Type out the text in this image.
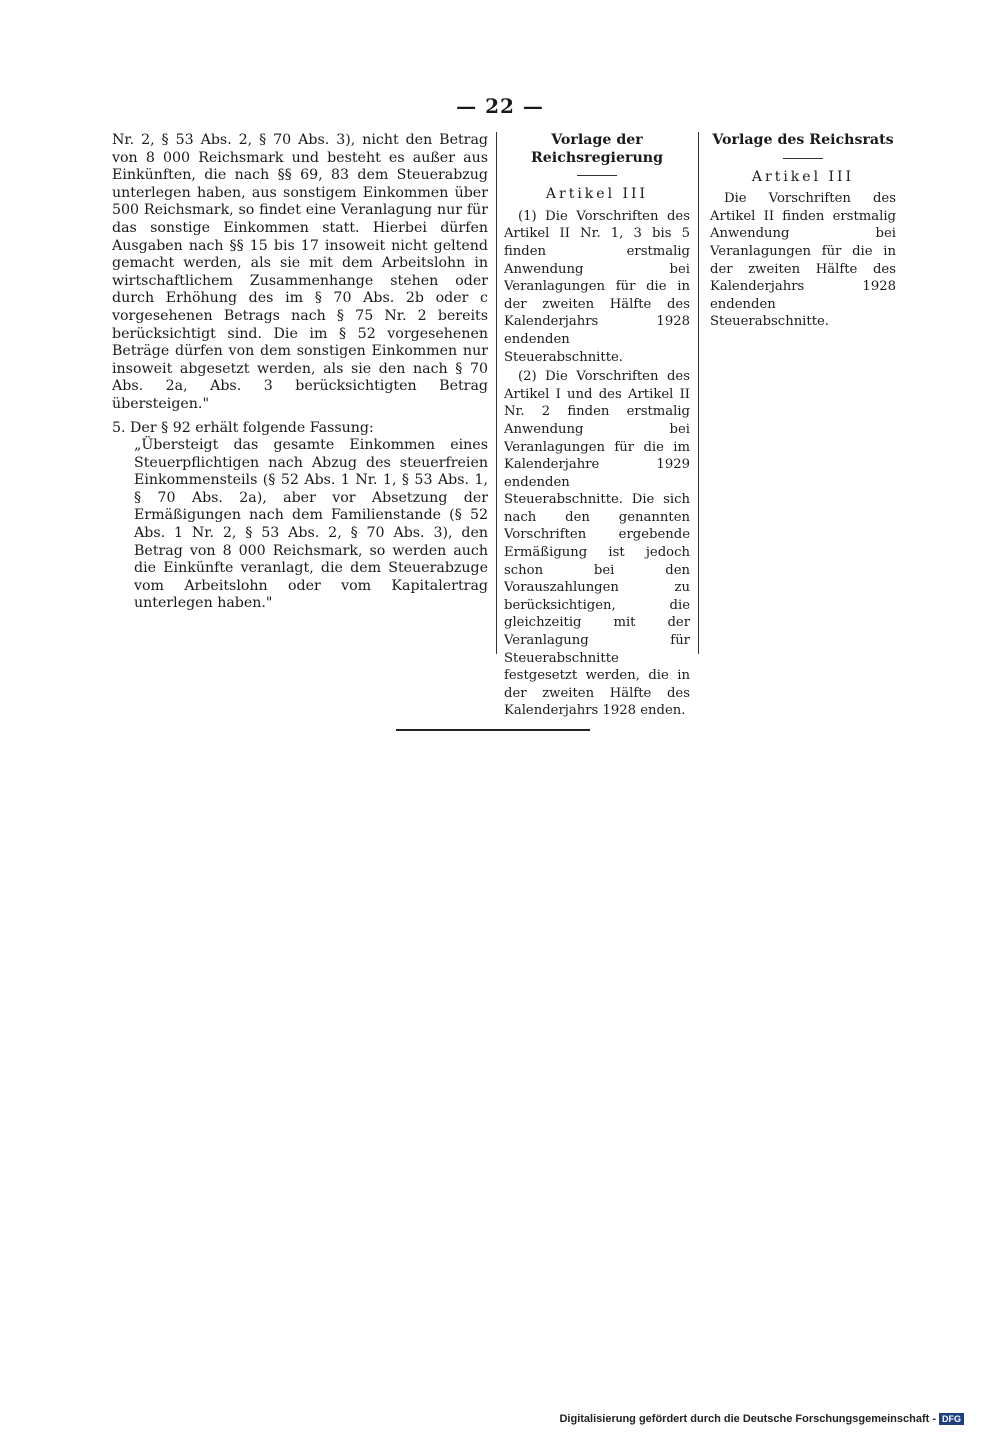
— 22 —

Nr. 2, § 53 Abs. 2, § 70 Abs. 3), nicht den Betrag von 8 000 Reichsmark und besteht es außer aus Einkünften, die nach §§ 69, 83 dem Steuerabzug unterlegen haben, aus sonstigem Einkommen über 500 Reichsmark, so findet eine Veranlagung nur für das sonstige Einkommen statt. Hierbei dürfen Ausgaben nach §§ 15 bis 17 insoweit nicht geltend gemacht werden, als sie mit dem Arbeitslohn in wirtschaftlichem Zusammenhange stehen oder durch Erhöhung des im § 70 Abs. 2b oder c vorgesehenen Betrags nach § 75 Nr. 2 bereits berücksichtigt sind. Die im § 52 vorgesehenen Beträge dürfen von dem sonstigen Einkommen nur insoweit abgesetzt werden, als sie den nach § 70 Abs. 2a, Abs. 3 berücksichtigten Betrag übersteigen."

5. Der § 92 erhält folgende Fassung:

„Übersteigt das gesamte Einkommen eines Steuerpflichtigen nach Abzug des steuerfreien Einkommensteils (§ 52 Abs. 1 Nr. 1, § 53 Abs. 1, § 70 Abs. 2a), aber vor Absetzung der Ermäßigungen nach dem Familienstande (§ 52 Abs. 1 Nr. 2, § 53 Abs. 2, § 70 Abs. 3), den Betrag von 8 000 Reichsmark, so werden auch die Einkünfte veranlagt, die dem Steuerabzuge vom Arbeitslohn oder vom Kapitalertrag unterlegen haben."

Vorlage der Reichsregierung
Artikel III

(1) Die Vorschriften des Artikel II Nr. 1, 3 bis 5 finden erstmalig Anwendung bei Veranlagungen für die in der zweiten Hälfte des Kalenderjahrs 1928 endenden Steuerabschnitte.

(2) Die Vorschriften des Artikel I und des Artikel II Nr. 2 finden erstmalig Anwendung bei Veranlagungen für die im Kalenderjahre 1929 endenden Steuerabschnitte. Die sich nach den genannten Vorschriften ergebende Ermäßigung ist jedoch schon bei den Vorauszahlungen zu berücksichtigen, die gleichzeitig mit der Veranlagung für Steuerabschnitte festgesetzt werden, die in der zweiten Hälfte des Kalenderjahrs 1928 enden.

Vorlage des Reichsrats
Artikel III

Die Vorschriften des Artikel II finden erstmalig Anwendung bei Veranlagungen für die in der zweiten Hälfte des Kalenderjahrs 1928 endenden Steuerabschnitte.

Digitalisierung gefördert durch die Deutsche Forschungsgemeinschaft - DFG
